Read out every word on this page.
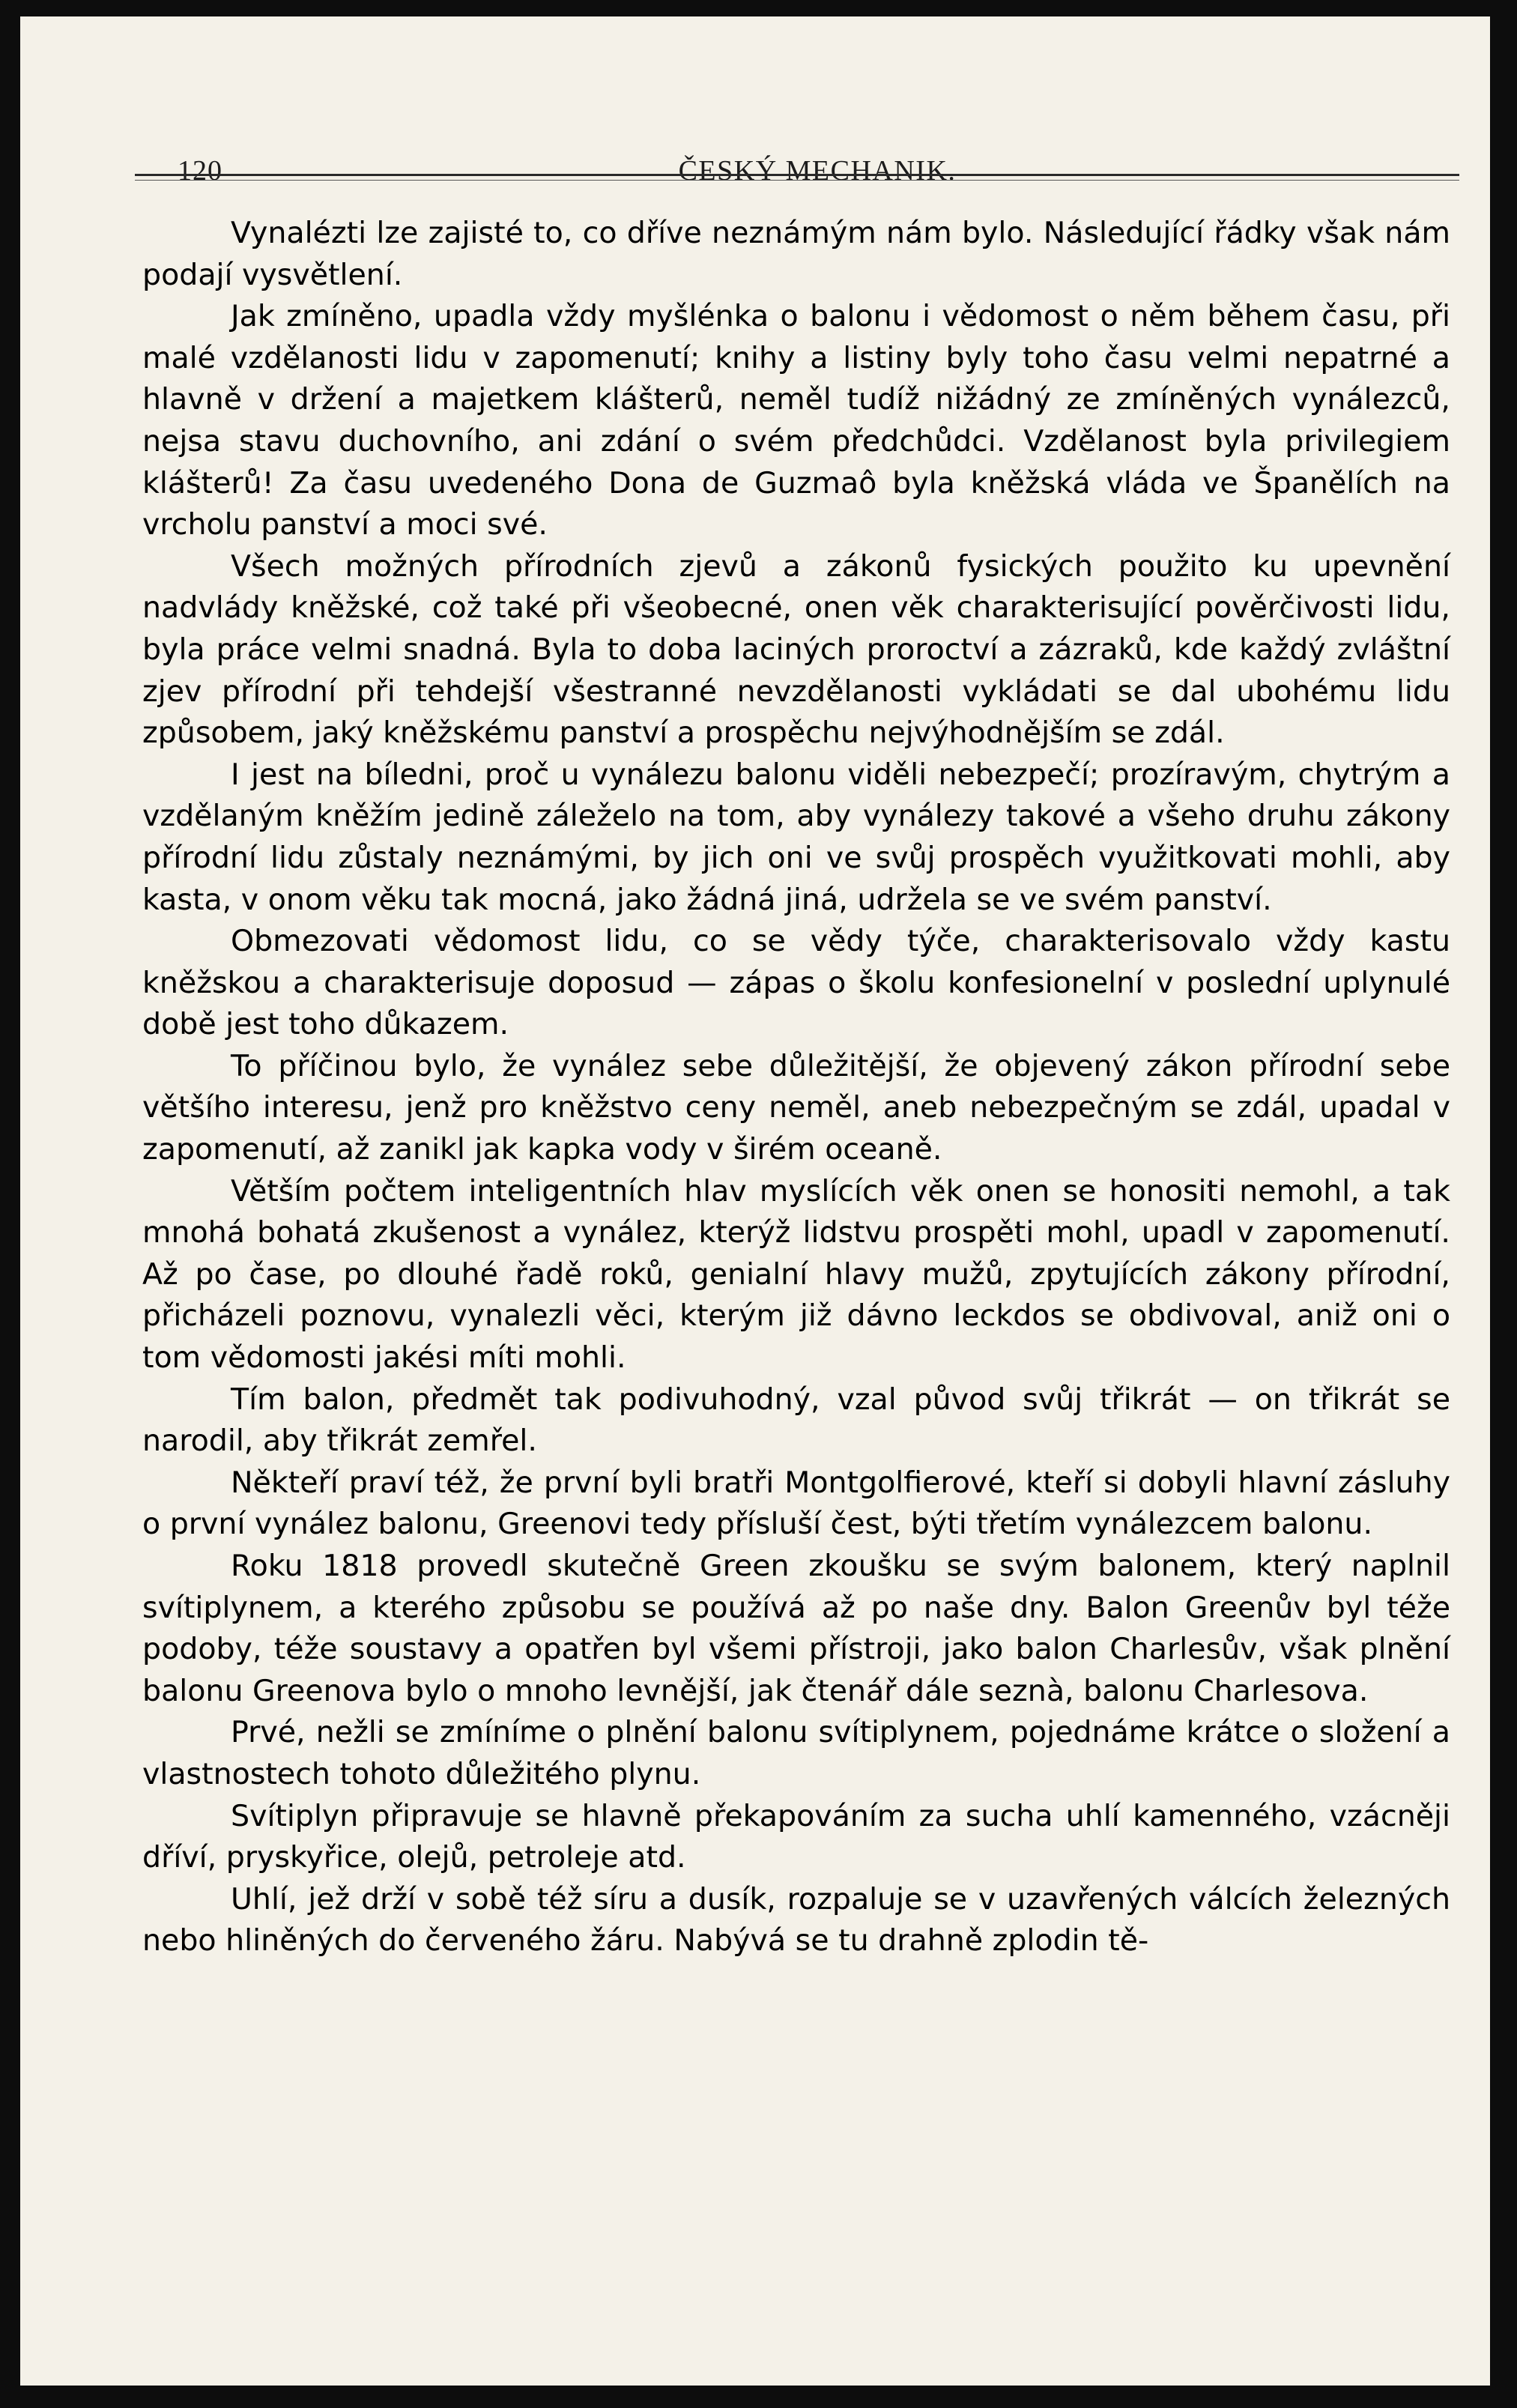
120	ČESKÝ MECHANIK.

Vynalézti lze zajisté to, co dříve neznámým nám bylo. Následující řádky však nám podají vysvětlení.

Jak zmíněno, upadla vždy myšlénka o balonu i vědomost o něm během času, při malé vzdělanosti lidu v zapomenutí; knihy a listiny byly toho času velmi nepatrné a hlavně v držení a majetkem klášterů, neměl tudíž nižádný ze zmíněných vynálezců, nejsa stavu duchovního, ani zdání o svém předchůdci. Vzdělanost byla privilegiem klášterů! Za času uvedeného Dona de Guzmaô byla kněžská vláda ve Španělích na vrcholu panství a moci své.

Všech možných přírodních zjevů a zákonů fysických použito ku upevnění nadvlády kněžské, což také při všeobecné, onen věk charakterisující pověrčivosti lidu, byla práce velmi snadná. Byla to doba laciných proroctví a zázraků, kde každý zvláštní zjev přírodní při tehdejší všestranné nevzdělanosti vykládati se dal ubohému lidu způsobem, jaký kněžskému panství a prospěchu nejvýhodnějším se zdál.

I jest na bíledni, proč u vynálezu balonu viděli nebezpečí; prozíravým, chytrým a vzdělaným kněžím jedině záleželo na tom, aby vynálezy takové a všeho druhu zákony přírodní lidu zůstaly neznámými, by jich oni ve svůj prospěch využitkovati mohli, aby kasta, v onom věku tak mocná, jako žádná jiná, udržela se ve svém panství.

Obmezovati vědomost lidu, co se vědy týče, charakterisovalo vždy kastu kněžskou a charakterisuje doposud — zápas o školu konfesionelní v poslední uplynulé době jest toho důkazem.

To příčinou bylo, že vynález sebe důležitější, že objevený zákon přírodní sebe většího interesu, jenž pro kněžstvo ceny neměl, aneb nebezpečným se zdál, upadal v zapomenutí, až zanikl jak kapka vody v širém oceaně.

Větším počtem inteligentních hlav myslících věk onen se honositi nemohl, a tak mnohá bohatá zkušenost a vynález, kterýž lidstvu prospěti mohl, upadl v zapomenutí. Až po čase, po dlouhé řadě roků, genialní hlavy mužů, zpytujících zákony přírodní, přicházeli poznovu, vynalezli věci, kterým již dávno leckdos se obdivoval, aniž oni o tom vědomosti jakési míti mohli.

Tím balon, předmět tak podivuhodný, vzal původ svůj třikrát — on třikrát se narodil, aby třikrát zemřel.

Někteří praví též, že první byli bratři Montgolfierové, kteří si dobyli hlavní zásluhy o první vynález balonu, Greenovi tedy přísluší čest, býti třetím vynálezcem balonu.

Roku 1818 provedl skutečně Green zkoušku se svým balonem, který naplnil svítiplynem, a kterého způsobu se používá až po naše dny. Balon Greenův byl téže podoby, téže soustavy a opatřen byl všemi přístroji, jako balon Charlesův, však plnění balonu Greenova bylo o mnoho levnější, jak čtenář dále seznà, balonu Charlesova.

Prvé, nežli se zmíníme o plnění balonu svítiplynem, pojednáme krátce o složení a vlastnostech tohoto důležitého plynu.

Svítiplyn připravuje se hlavně překapováním za sucha uhlí kamenného, vzácněji dříví, pryskyřice, olejů, petroleje atd.

Uhlí, jež drží v sobě též síru a dusík, rozpaluje se v uzavřených válcích železných nebo hliněných do červeného žáru. Nabývá se tu drahně zplodin tě-
